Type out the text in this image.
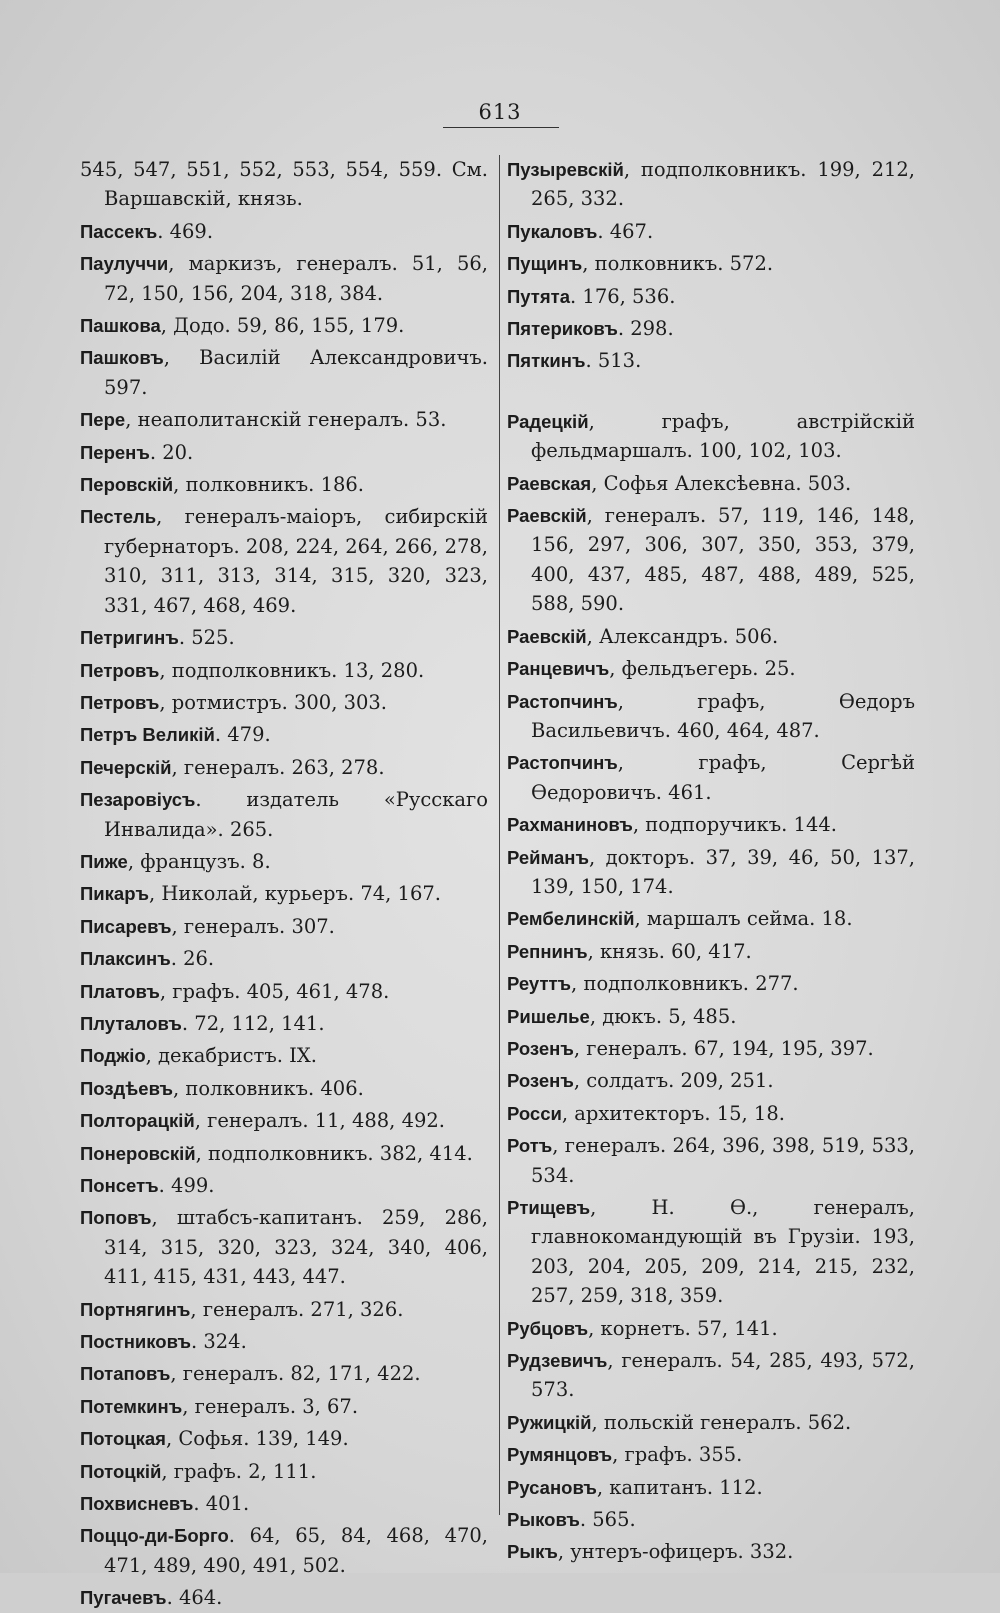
613
545, 547, 551, 552, 553, 554, 559. См. Варшавскій, князь.
Пассекъ. 469.
Паулуччи, маркизъ, генералъ. 51, 56, 72, 150, 156, 204, 318, 384.
Пашкова, Додо. 59, 86, 155, 179.
Пашковъ, Василій Александровичъ. 597.
Пере, неаполитанскій генералъ. 53.
Перенъ. 20.
Перовскій, полковникъ. 186.
Пестель, генералъ-маіоръ, сибирскій губернаторъ. 208, 224, 264, 266, 278, 310, 311, 313, 314, 315, 320, 323, 331, 467, 468, 469.
Петригинъ. 525.
Петровъ, подполковникъ. 13, 280.
Петровъ, ротмистръ. 300, 303.
Петръ Великій. 479.
Печерскій, генералъ. 263, 278.
Пезаровіусъ. издатель «Русскаго Инвалида». 265.
Пиже, французъ. 8.
Пикаръ, Николай, курьеръ. 74, 167.
Писаревъ, генералъ. 307.
Плаксинъ. 26.
Платовъ, графъ. 405, 461, 478.
Плуталовъ. 72, 112, 141.
Поджіо, декабристъ. IX.
Поздѣевъ, полковникъ. 406.
Полторацкій, генералъ. 11, 488, 492.
Понеровскій, подполковникъ. 382, 414.
Понсетъ. 499.
Поповъ, штабсъ-капитанъ. 259, 286, 314, 315, 320, 323, 324, 340, 406, 411, 415, 431, 443, 447.
Портнягинъ, генералъ. 271, 326.
Постниковъ. 324.
Потаповъ, генералъ. 82, 171, 422.
Потемкинъ, генералъ. 3, 67.
Потоцкая, Софья. 139, 149.
Потоцкій, графъ. 2, 111.
Похвисневъ. 401.
Поццо-ди-Борго. 64, 65, 84, 468, 470, 471, 489, 490, 491, 502.
Пугачевъ. 464.
Пузыревскій, подполковникъ. 199, 212, 265, 332.
Пукаловъ. 467.
Пущинъ, полковникъ. 572.
Путята. 176, 536.
Пятериковъ. 298.
Пяткинъ. 513.
Радецкій, графъ, австрійскій фельдмаршалъ. 100, 102, 103.
Раевская, Софья Алексѣевна. 503.
Раевскій, генералъ. 57, 119, 146, 148, 156, 297, 306, 307, 350, 353, 379, 400, 437, 485, 487, 488, 489, 525, 588, 590.
Раевскій, Александръ. 506.
Ранцевичъ, фельдъегерь. 25.
Растопчинъ, графъ, Ѳедоръ Васильевичъ. 460, 464, 487.
Растопчинъ, графъ, Сергѣй Ѳедоровичъ. 461.
Рахманиновъ, подпоручикъ. 144.
Рейманъ, докторъ. 37, 39, 46, 50, 137, 139, 150, 174.
Рембелинскій, маршалъ сейма. 18.
Репнинъ, князь. 60, 417.
Реуттъ, подполковникъ. 277.
Ришелье, дюкъ. 5, 485.
Розенъ, генералъ. 67, 194, 195, 397.
Розенъ, солдатъ. 209, 251.
Росси, архитекторъ. 15, 18.
Ротъ, генералъ. 264, 396, 398, 519, 533, 534.
Ртищевъ, Н. Ѳ., генералъ, главнокомандующій въ Грузіи. 193, 203, 204, 205, 209, 214, 215, 232, 257, 259, 318, 359.
Рубцовъ, корнетъ. 57, 141.
Рудзевичъ, генералъ. 54, 285, 493, 572, 573.
Ружицкій, польскій генералъ. 562.
Румянцовъ, графъ. 355.
Русановъ, капитанъ. 112.
Рыковъ. 565.
Рыкъ, унтеръ-офицеръ. 332.
